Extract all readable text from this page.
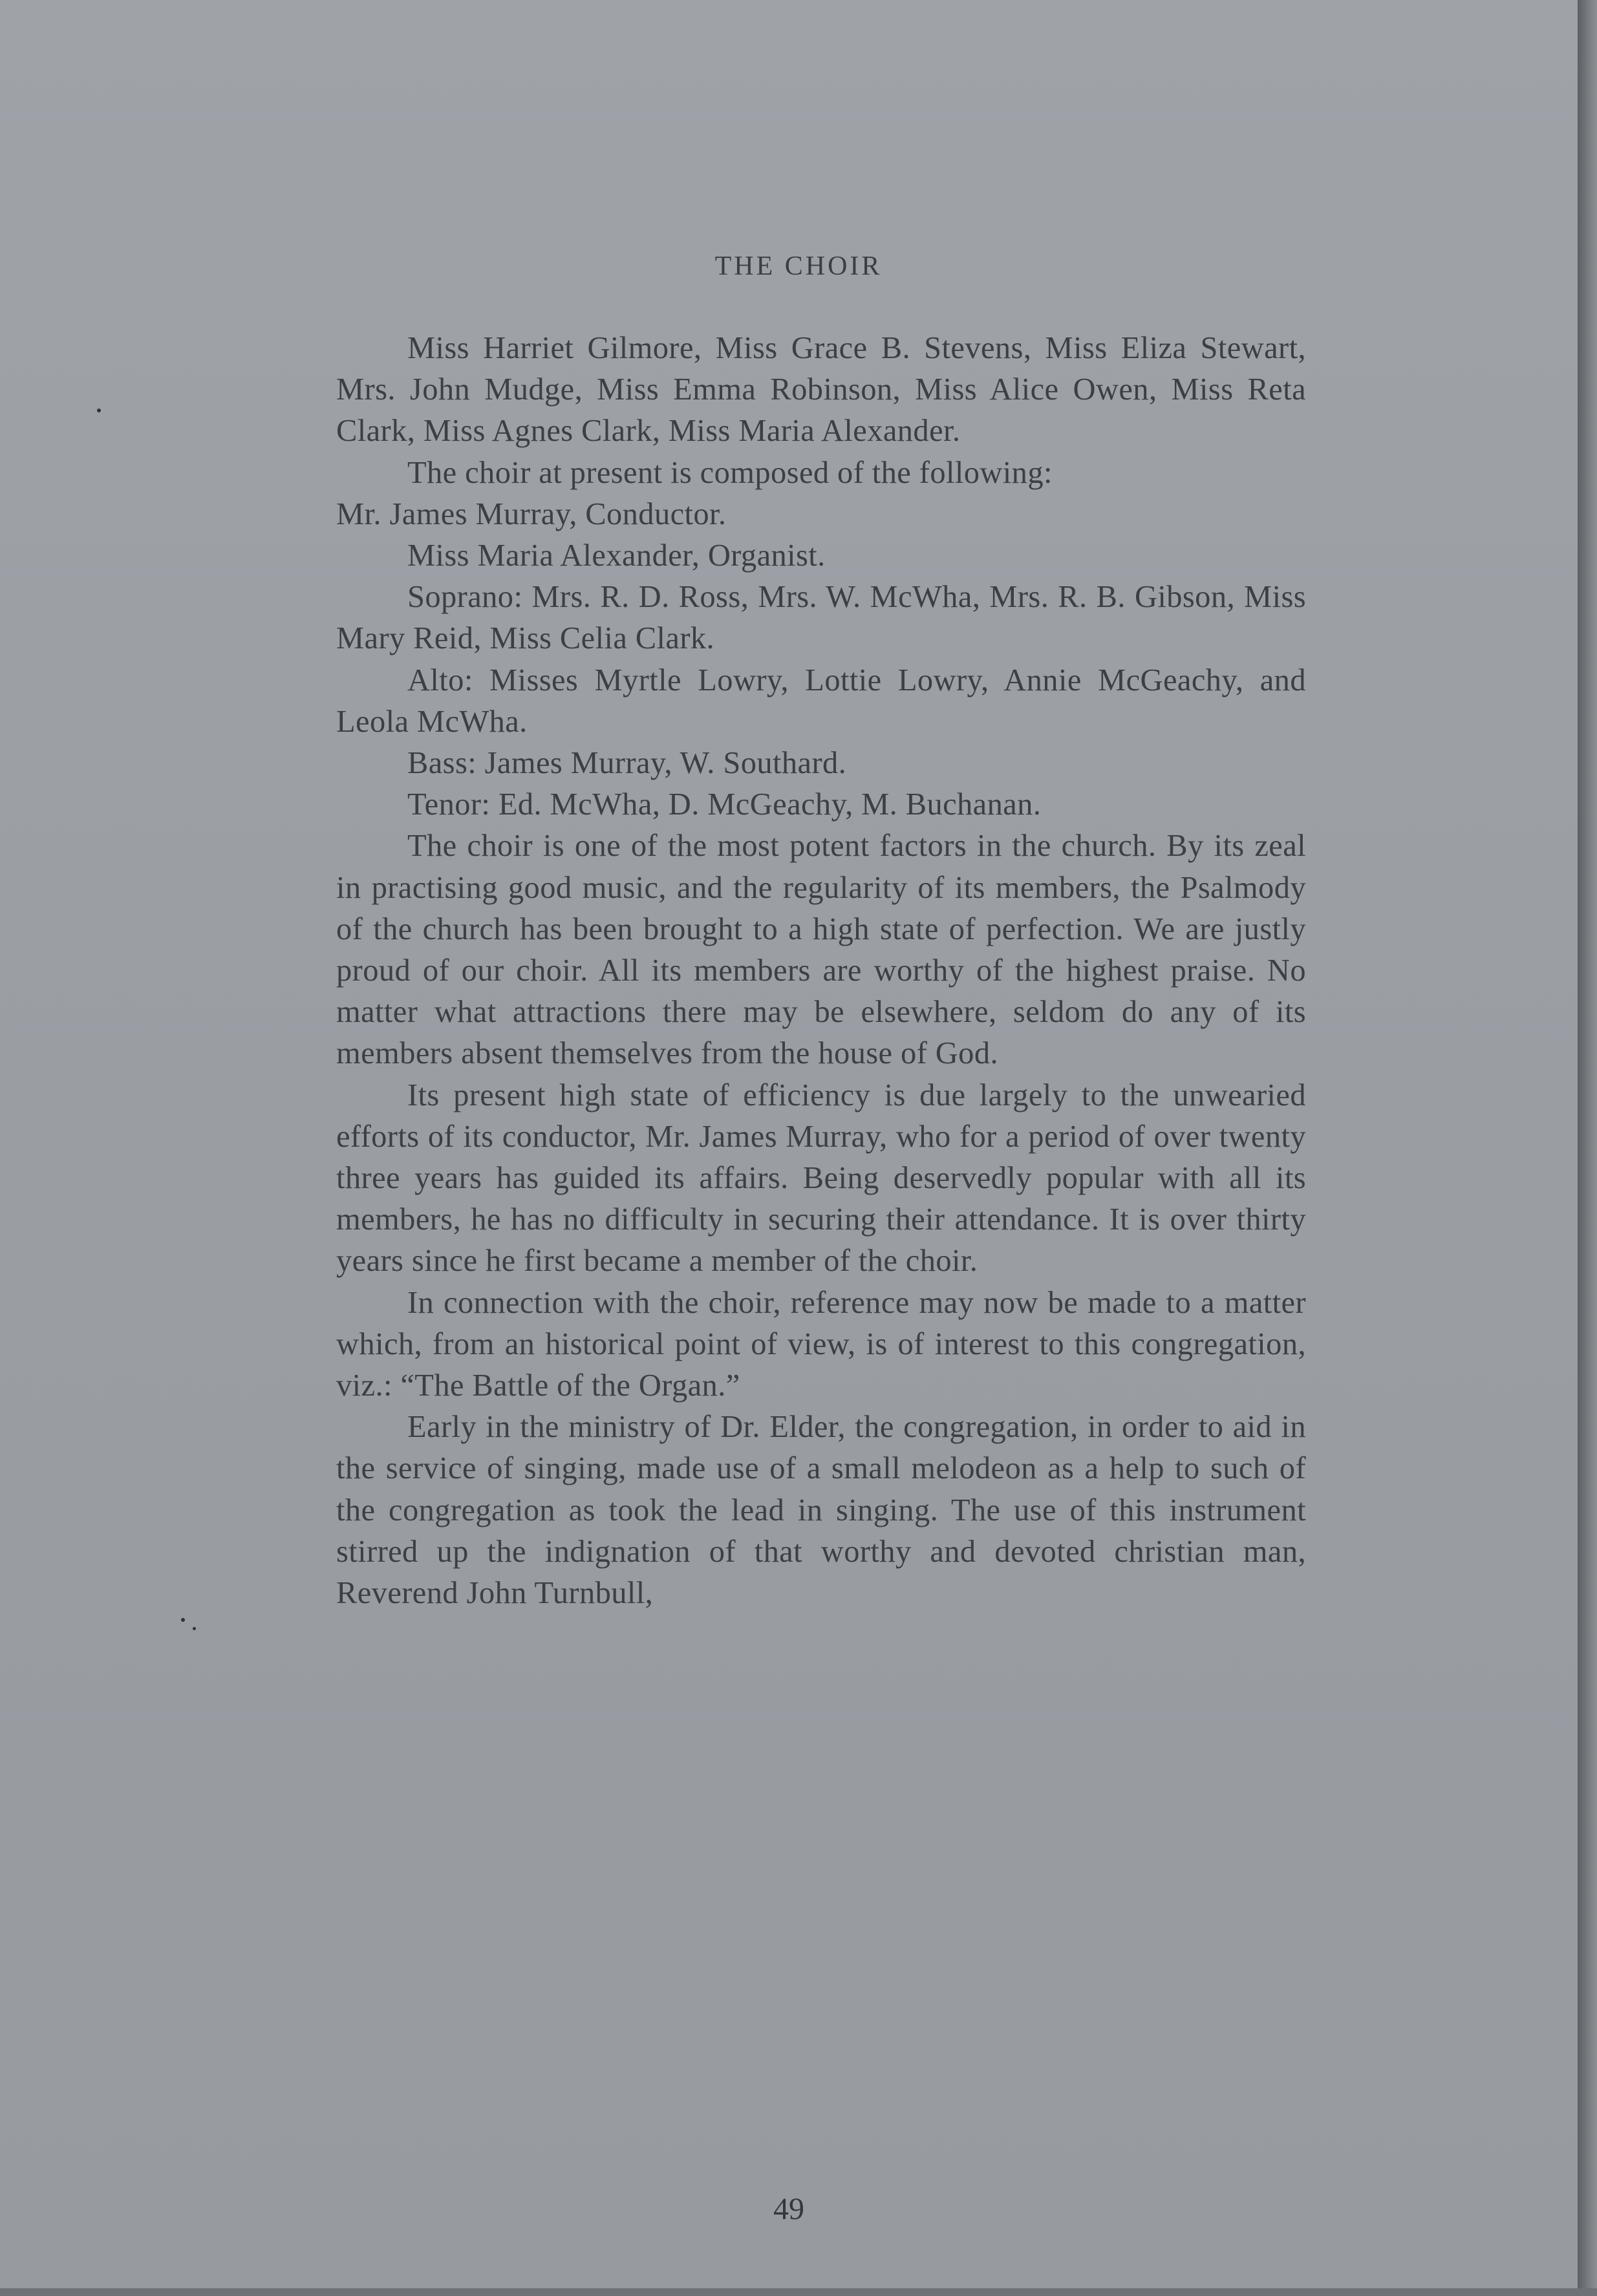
THE CHOIR

Miss Harriet Gilmore, Miss Grace B. Stevens, Miss Eliza Stewart, Mrs. John Mudge, Miss Emma Robinson, Miss Alice Owen, Miss Reta Clark, Miss Agnes Clark, Miss Maria Alexander.

The choir at present is composed of the following:

Mr. James Murray, Conductor.

Miss Maria Alexander, Organist.

Soprano: Mrs. R. D. Ross, Mrs. W. McWha, Mrs. R. B. Gibson, Miss Mary Reid, Miss Celia Clark.

Alto: Misses Myrtle Lowry, Lottie Lowry, Annie McGeachy, and Leola McWha.

Bass: James Murray, W. Southard.

Tenor: Ed. McWha, D. McGeachy, M. Buchanan.

The choir is one of the most potent factors in the church. By its zeal in practising good music, and the regularity of its members, the Psalmody of the church has been brought to a high state of perfection. We are justly proud of our choir. All its members are worthy of the highest praise. No matter what attractions there may be elsewhere, seldom do any of its members absent themselves from the house of God.

Its present high state of efficiency is due largely to the unwearied efforts of its conductor, Mr. James Murray, who for a period of over twenty three years has guided its affairs. Being deservedly popular with all its members, he has no difficulty in securing their attendance. It is over thirty years since he first became a member of the choir.

In connection with the choir, reference may now be made to a matter which, from an historical point of view, is of interest to this congregation, viz.: “The Battle of the Organ.”

Early in the ministry of Dr. Elder, the congregation, in order to aid in the service of singing, made use of a small melodeon as a help to such of the congregation as took the lead in singing. The use of this instrument stirred up the indignation of that worthy and devoted christian man, Reverend John Turnbull,

49
